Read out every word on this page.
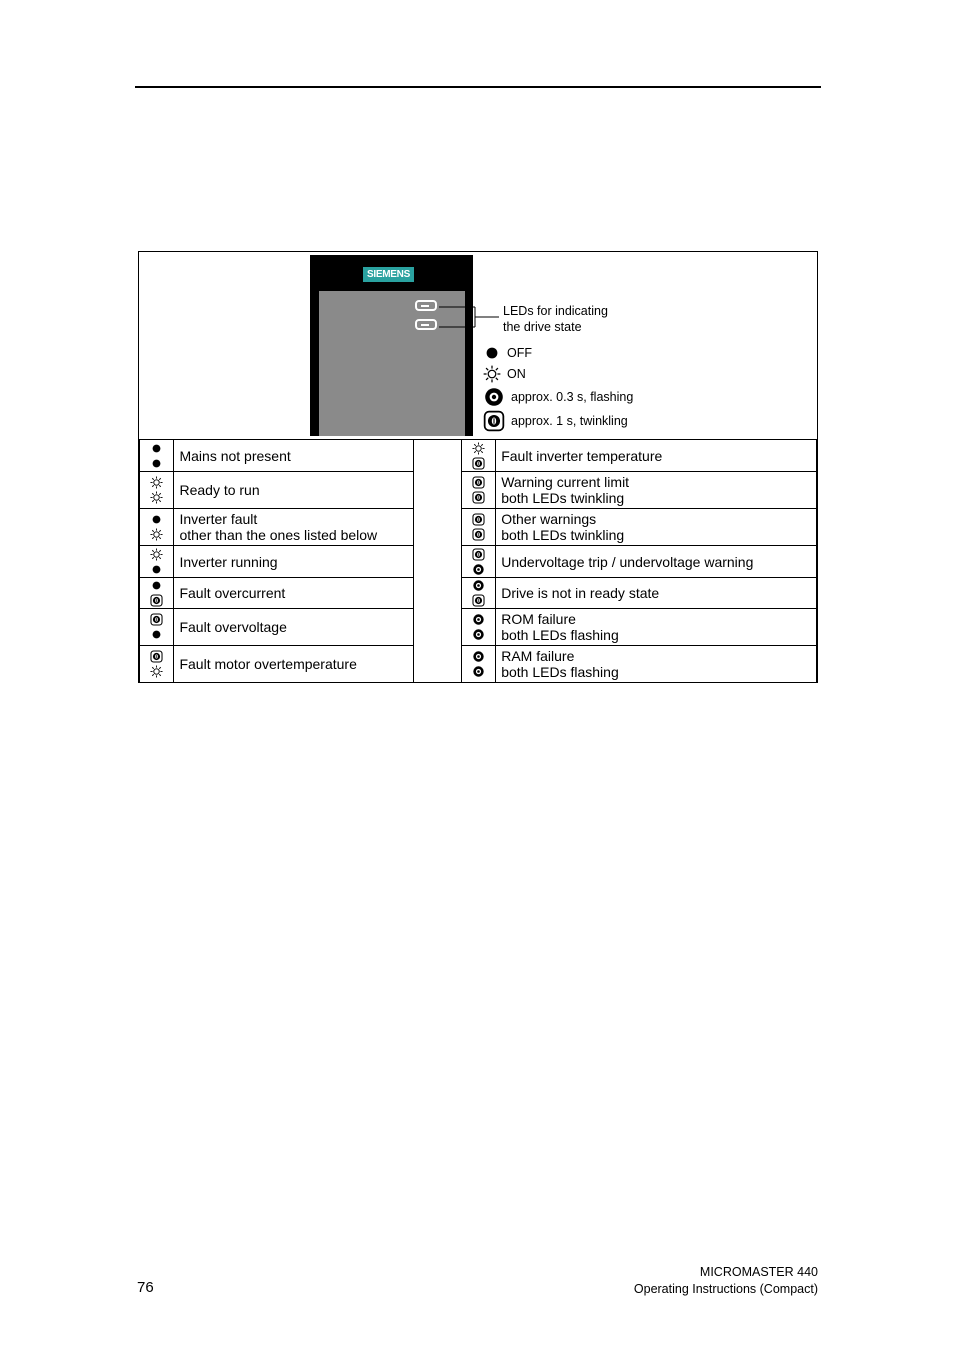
SIEMENS
LEDs for indicating
the drive state
OFF
ON
approx. 0.3 s, flashing
approx. 1 s, twinkling

Mains not present			Fault inverter temperature

Ready to run			Warning current limit
both LEDs twinkling

Inverter fault
other than the ones listed below			Other warnings
both LEDs twinkling

Inverter running			Undervoltage trip / undervoltage warning

Fault overcurrent			Drive is not in ready state

Fault overvoltage			ROM failure
both LEDs flashing

Fault motor overtemperature			RAM failure
both LEDs flashing
76
MICROMASTER 440
Operating Instructions (Compact)
